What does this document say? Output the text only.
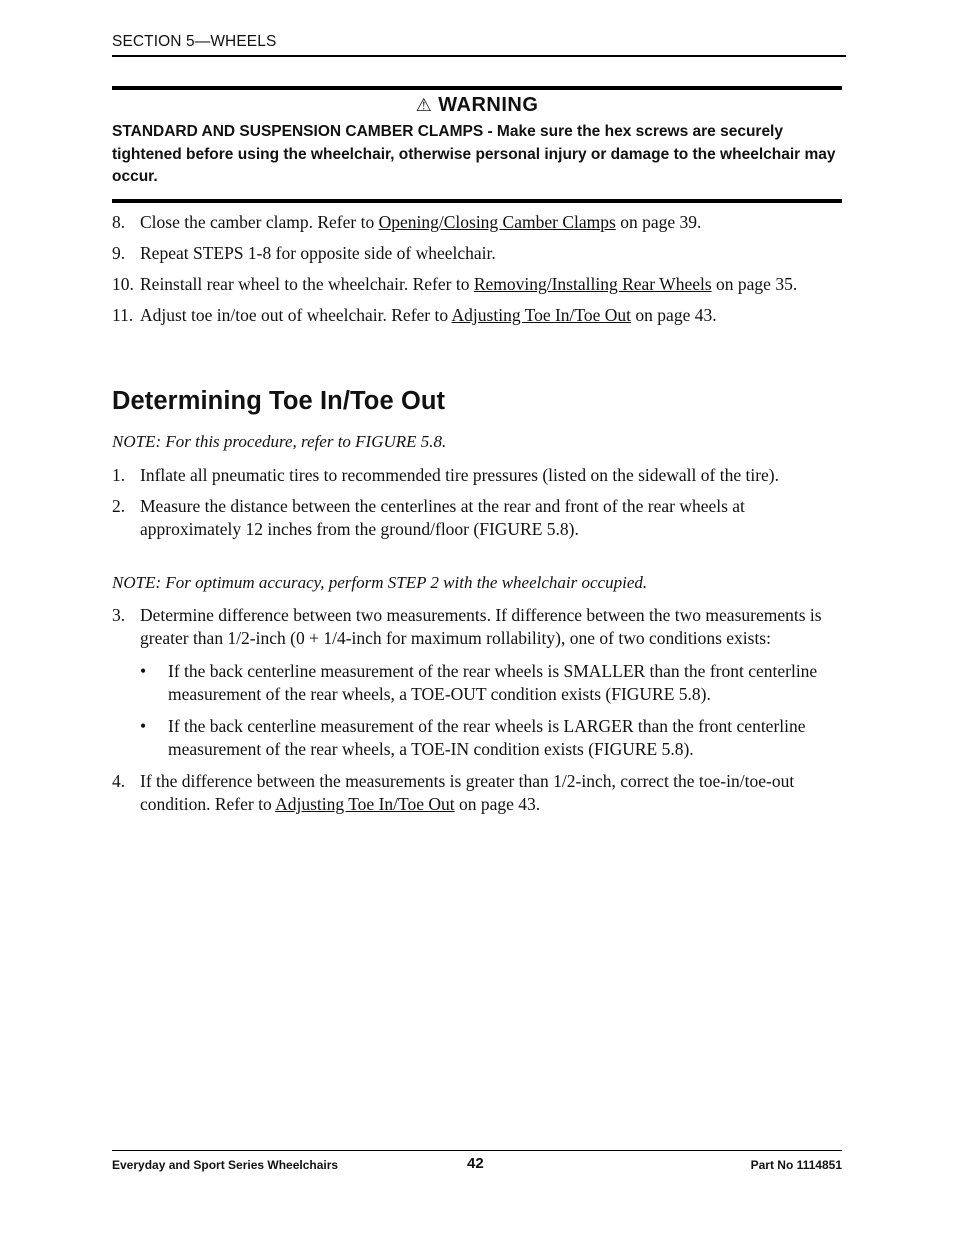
SECTION 5—WHEELS
⚠ WARNING
STANDARD AND SUSPENSION CAMBER CLAMPS - Make sure the hex screws are securely tightened before using the wheelchair, otherwise personal injury or damage to the wheelchair may occur.
8. Close the camber clamp. Refer to Opening/Closing Camber Clamps on page 39.
9. Repeat STEPS 1-8 for opposite side of wheelchair.
10. Reinstall rear wheel to the wheelchair. Refer to Removing/Installing Rear Wheels on page 35.
11. Adjust toe in/toe out of wheelchair. Refer to Adjusting Toe In/Toe Out on page 43.
Determining Toe In/Toe Out
NOTE: For this procedure, refer to FIGURE 5.8.
1. Inflate all pneumatic tires to recommended tire pressures (listed on the sidewall of the tire).
2. Measure the distance between the centerlines at the rear and front of the rear wheels at approximately 12 inches from the ground/floor (FIGURE 5.8).
NOTE: For optimum accuracy, perform STEP 2 with the wheelchair occupied.
3. Determine difference between two measurements. If difference between the two measurements is greater than 1/2-inch (0 + 1/4-inch for maximum rollability), one of two conditions exists:
• If the back centerline measurement of the rear wheels is SMALLER than the front centerline measurement of the rear wheels, a TOE-OUT condition exists (FIGURE 5.8).
• If the back centerline measurement of the rear wheels is LARGER than the front centerline measurement of the rear wheels, a TOE-IN condition exists (FIGURE 5.8).
4. If the difference between the measurements is greater than 1/2-inch, correct the toe-in/toe-out condition. Refer to Adjusting Toe In/Toe Out on page 43.
Everyday and Sport Series Wheelchairs	42	Part No 1114851
